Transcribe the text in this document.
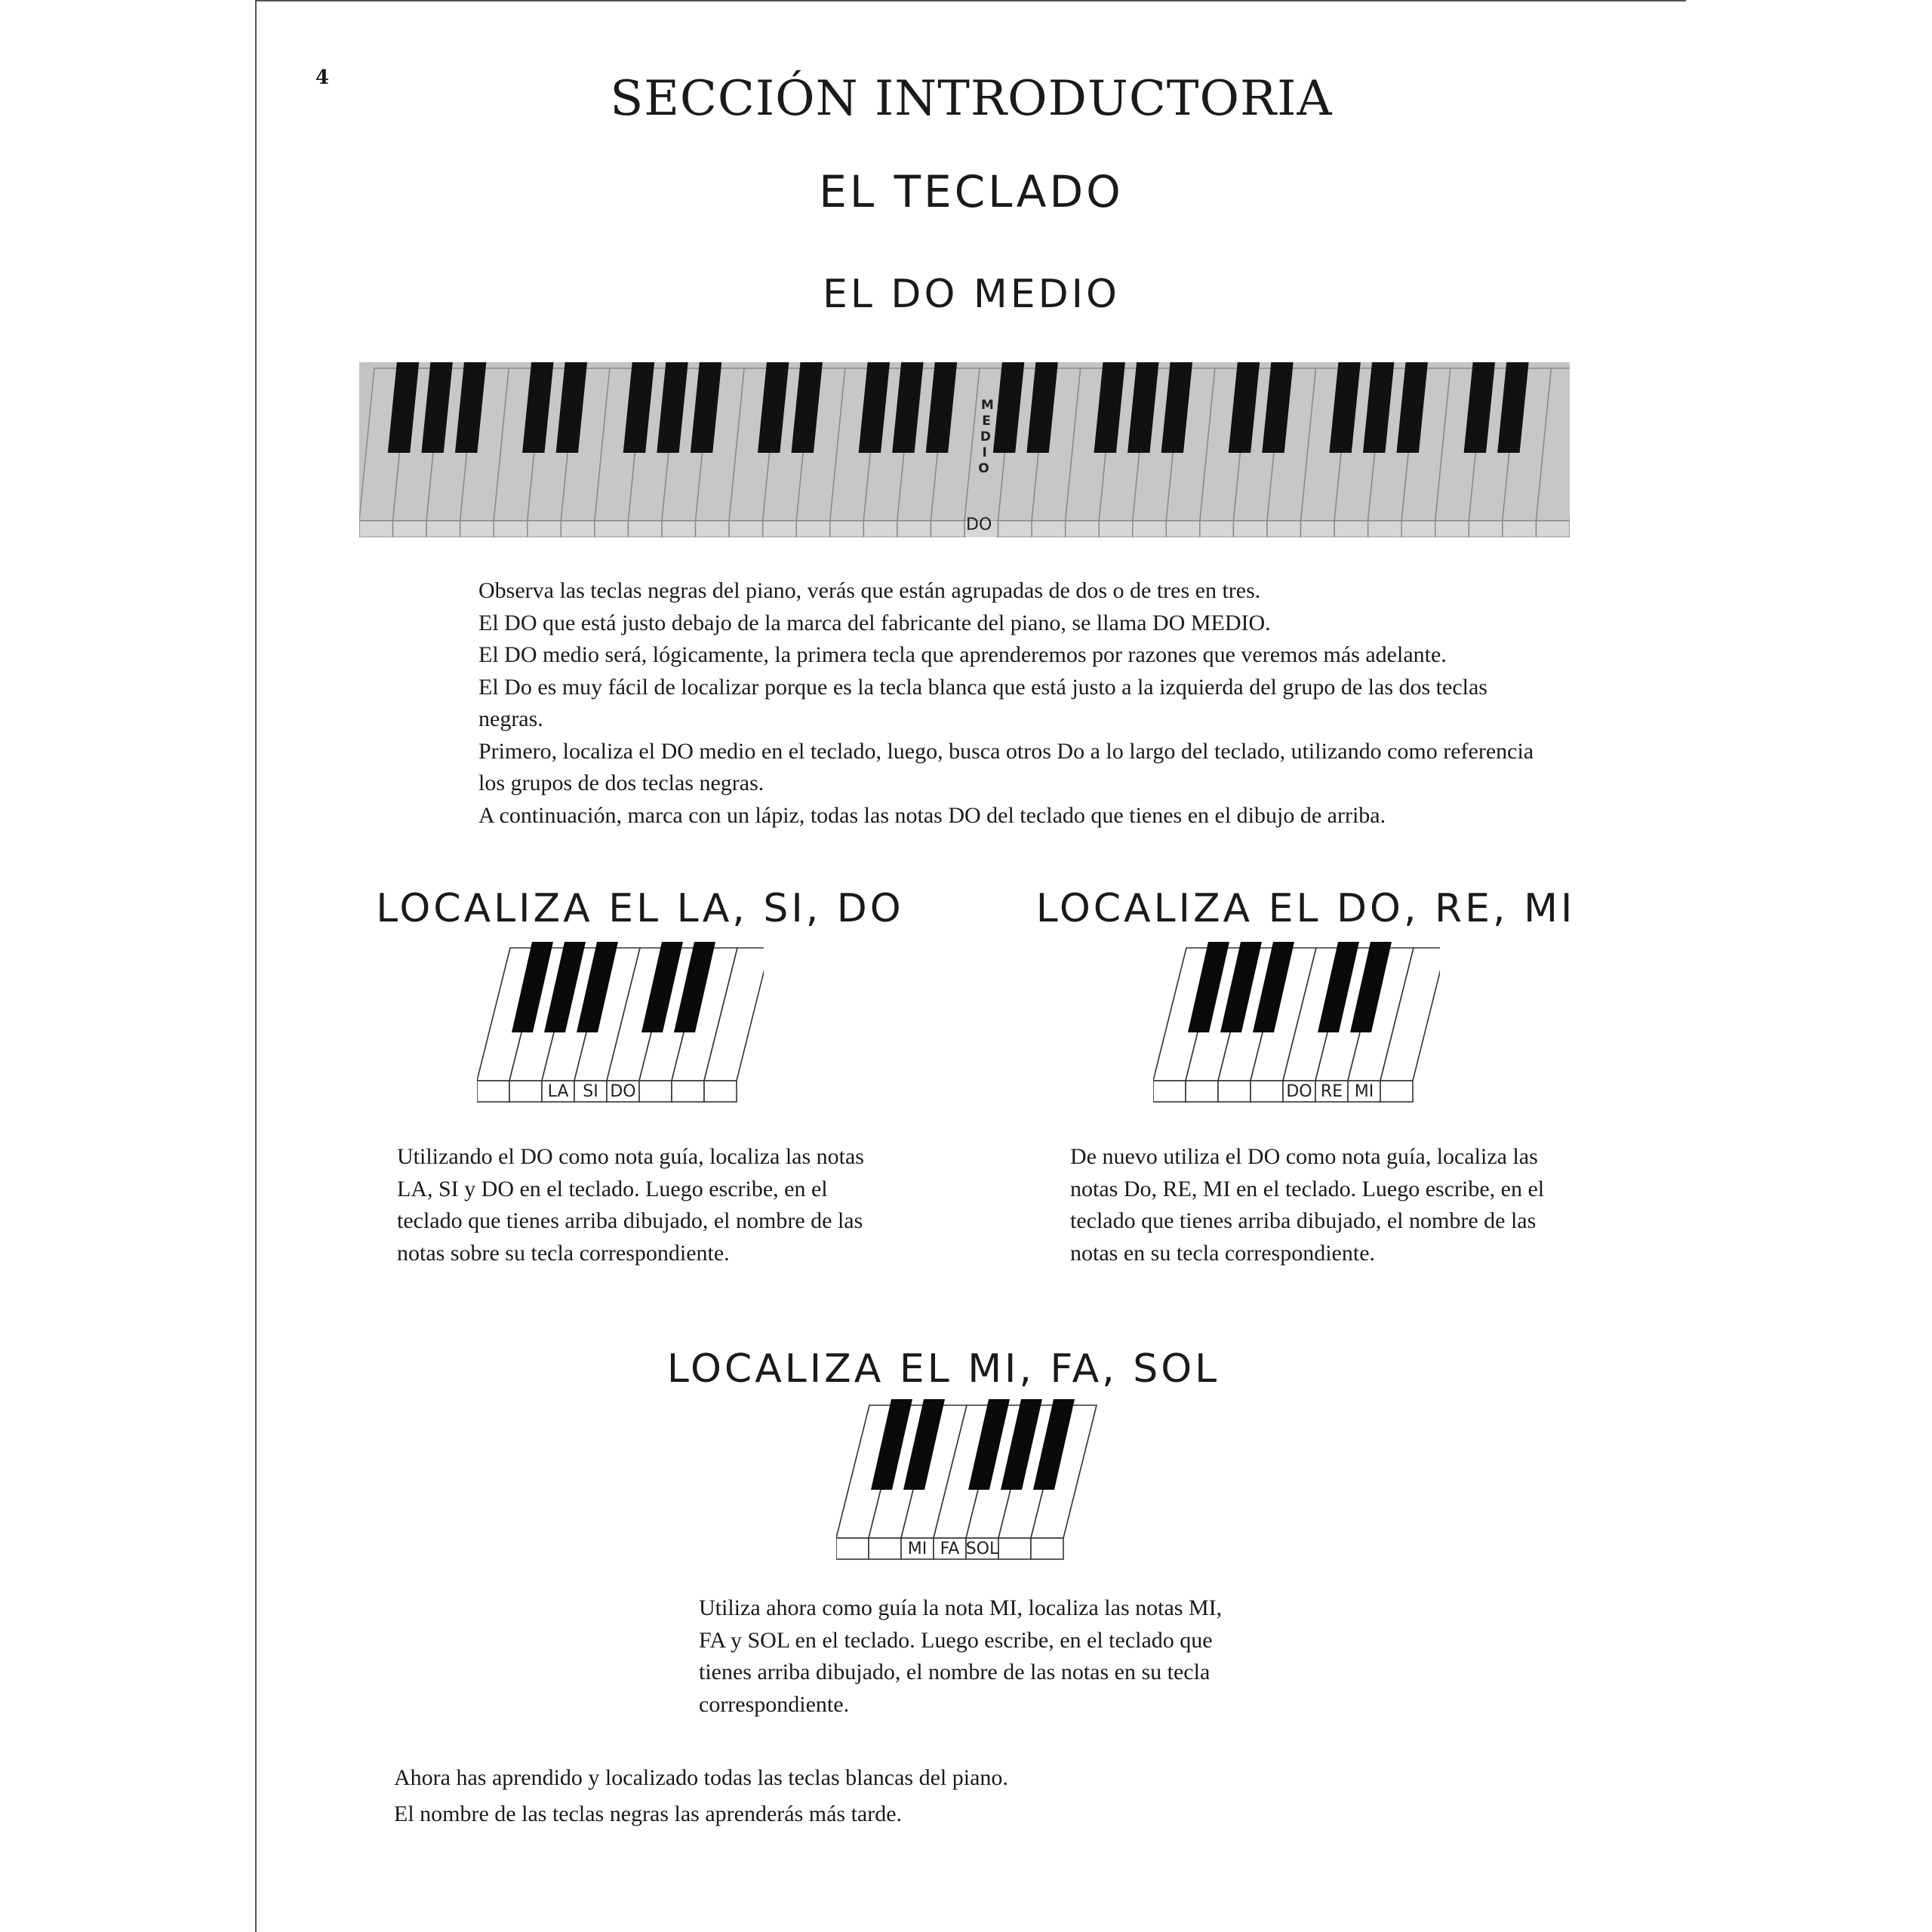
4	SECCIÓN INTRODUCTORIA
EL TECLADO
EL DO MEDIO
M
E
D
I
O
DO

Observa las teclas negras del piano, verás que están agrupadas de dos o de tres en tres.

El DO que está justo debajo de la marca del fabricante del piano, se llama DO MEDIO.

El DO medio será, lógicamente, la primera tecla que aprenderemos por razones que veremos más adelante.

El Do es muy fácil de localizar porque es la tecla blanca que está justo a la izquierda del grupo de las dos teclas negras.

Primero, localiza el DO medio en el teclado, luego, busca otros Do a lo largo del teclado, utilizando como referencia los grupos de dos teclas negras.

A continuación, marca con un lápiz, todas las notas DO del teclado que tienes en el dibujo de arriba.

LOCALIZA EL LA, SI, DO	LOCALIZA EL DO, RE, MI
LA SI DO	DO RE MI
Utilizando el DO como nota guía, localiza las notas LA, SI y DO en el teclado. Luego escribe, en el teclado que tienes arriba dibujado, el nombre de las notas sobre su tecla correspondiente.
De nuevo utiliza el DO como nota guía, localiza las notas Do, RE, MI en el teclado. Luego escribe, en el teclado que tienes arriba dibujado, el nombre de las notas en su tecla correspondiente.
LOCALIZA EL MI, FA, SOL
MI FA SOL
Utiliza ahora como guía la nota MI, localiza las notas MI, FA y SOL en el teclado. Luego escribe, en el teclado que tienes arriba dibujado, el nombre de las notas en su tecla correspondiente.

Ahora has aprendido y localizado todas las teclas blancas del piano.

El nombre de las teclas negras las aprenderás más tarde.
